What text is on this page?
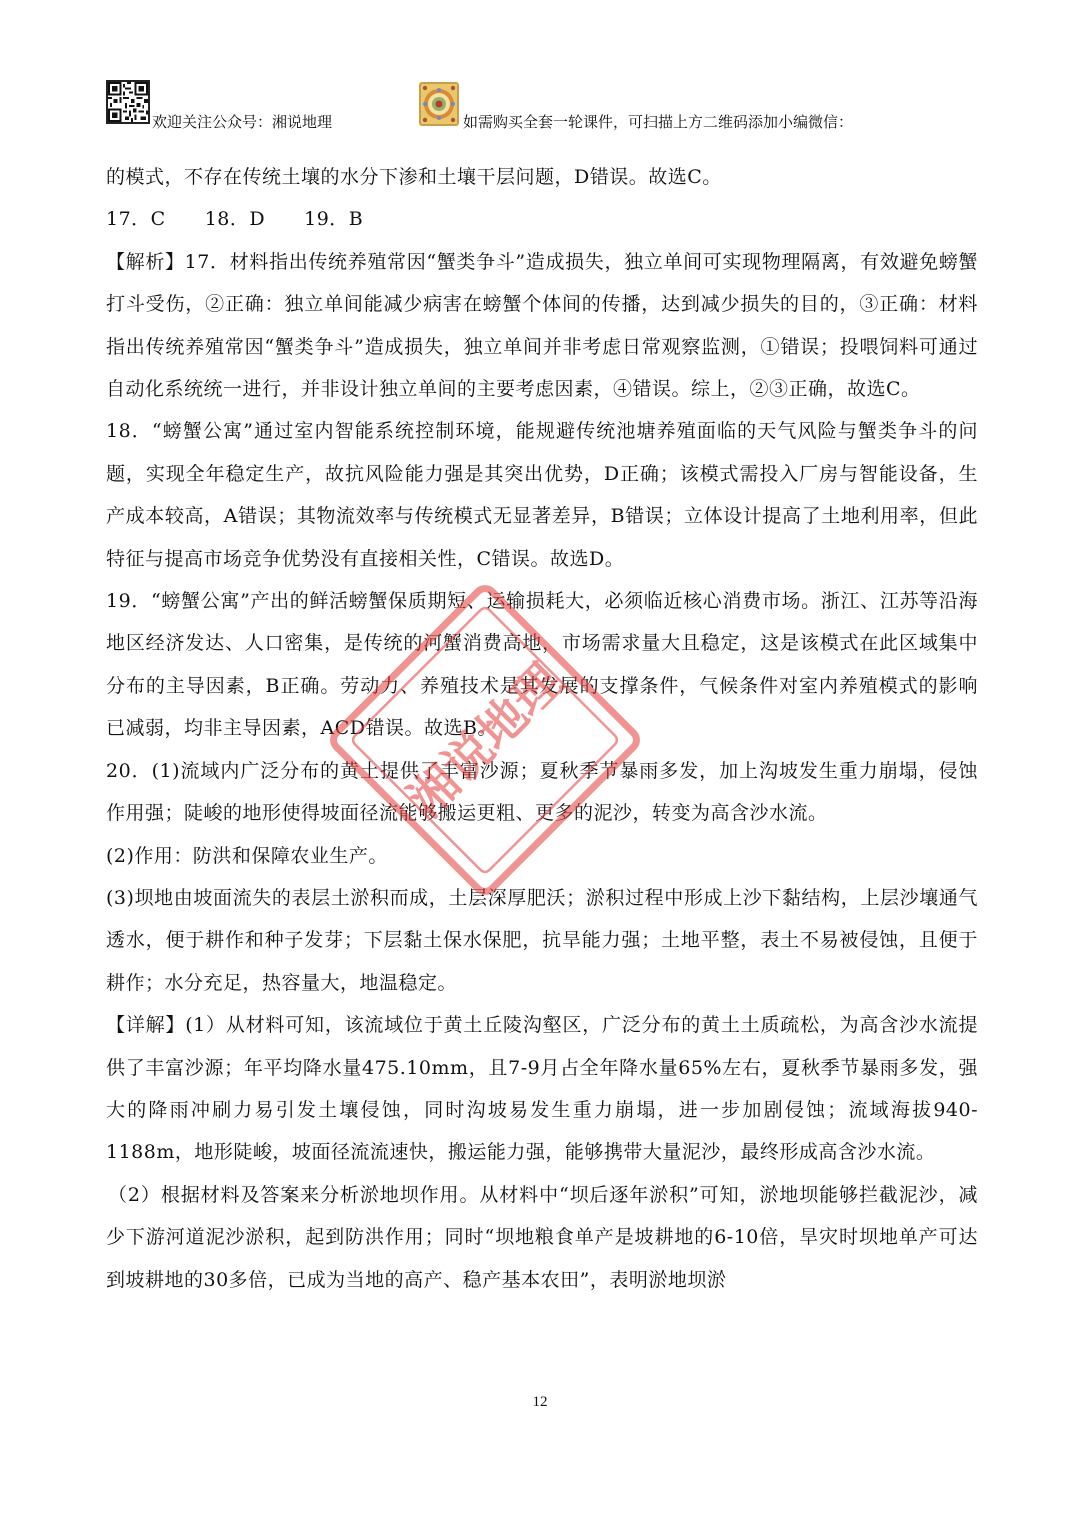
欢迎关注公众号：湘说地理	如需购买全套一轮课件，可扫描上方二维码添加小编微信：

的模式，不存在传统土壤的水分下渗和土壤干层问题，D错误。故选C。

17．C　　18．D　　19．B

【解析】17．材料指出传统养殖常因“蟹类争斗”造成损失，独立单间可实现物理隔离，有效避免螃蟹打斗受伤，②正确：独立单间能减少病害在螃蟹个体间的传播，达到减少损失的目的，③正确：材料指出传统养殖常因“蟹类争斗”造成损失，独立单间并非考虑日常观察监测，①错误；投喂饲料可通过自动化系统统一进行，并非设计独立单间的主要考虑因素，④错误。综上，②③正确，故选C。

18．“螃蟹公寓”通过室内智能系统控制环境，能规避传统池塘养殖面临的天气风险与蟹类争斗的问题，实现全年稳定生产，故抗风险能力强是其突出优势，D正确；该模式需投入厂房与智能设备，生产成本较高，A错误；其物流效率与传统模式无显著差异，B错误；立体设计提高了土地利用率，但此特征与提高市场竞争优势没有直接相关性，C错误。故选D。

19．“螃蟹公寓”产出的鲜活螃蟹保质期短、运输损耗大，必须临近核心消费市场。浙江、江苏等沿海地区经济发达、人口密集，是传统的河蟹消费高地，市场需求量大且稳定，这是该模式在此区域集中分布的主导因素，B正确。劳动力、养殖技术是其发展的支撑条件，气候条件对室内养殖模式的影响已减弱，均非主导因素，ACD错误。故选B。

20．(1)流域内广泛分布的黄土提供了丰富沙源；夏秋季节暴雨多发，加上沟坡发生重力崩塌，侵蚀作用强；陡峻的地形使得坡面径流能够搬运更粗、更多的泥沙，转变为高含沙水流。

(2)作用：防洪和保障农业生产。

(3)坝地由坡面流失的表层土淤积而成，土层深厚肥沃；淤积过程中形成上沙下黏结构，上层沙壤通气透水，便于耕作和种子发芽；下层黏土保水保肥，抗旱能力强；土地平整，表土不易被侵蚀，且便于耕作；水分充足，热容量大，地温稳定。

【详解】(1）从材料可知，该流域位于黄土丘陵沟壑区，广泛分布的黄土土质疏松，为高含沙水流提供了丰富沙源；年平均降水量475.10mm，且7-9月占全年降水量65%左右，夏秋季节暴雨多发，强大的降雨冲刷力易引发土壤侵蚀，同时沟坡易发生重力崩塌，进一步加剧侵蚀；流域海拔940-1188m，地形陡峻，坡面径流流速快，搬运能力强，能够携带大量泥沙，最终形成高含沙水流。

（2）根据材料及答案来分析淤地坝作用。从材料中“坝后逐年淤积”可知，淤地坝能够拦截泥沙，减少下游河道泥沙淤积，起到防洪作用；同时“坝地粮食单产是坡耕地的6-10倍，旱灾时坝地单产可达到坡耕地的30多倍，已成为当地的高产、稳产基本农田”，表明淤地坝淤

湘说地理
12
